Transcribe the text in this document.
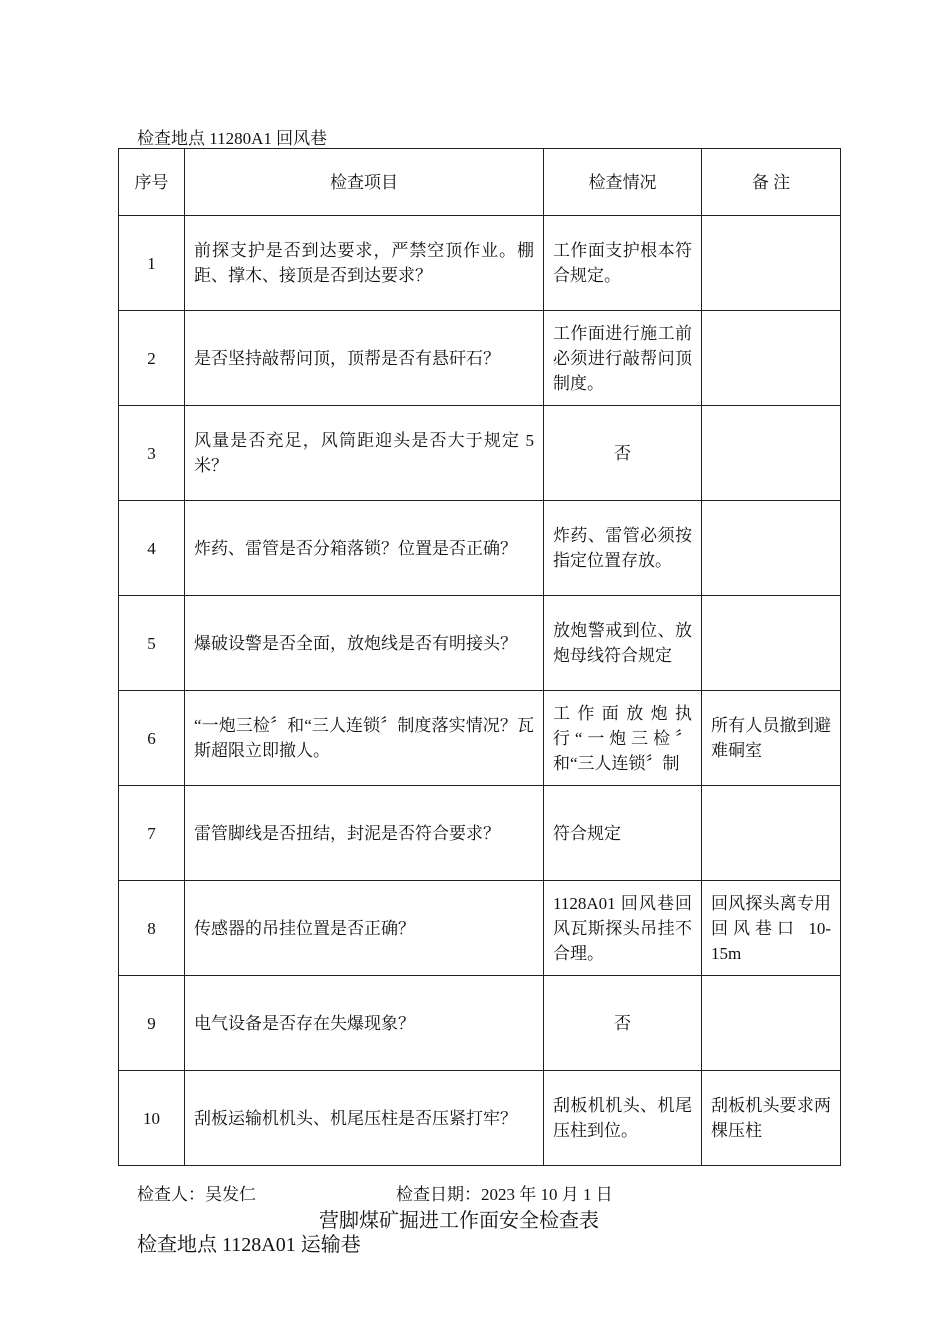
检查地点 11280A1 回风巷
序号	检查项目	检查情况	备 注
1	前探支护是否到达要求，严禁空顶作业。棚距、撑木、接顶是否到达要求？	工作面支护根本符合规定。	
2	是否坚持敲帮问顶，顶帮是否有悬矸石？	工作面进行施工前必须进行敲帮问顶制度。	
3	风量是否充足，风筒距迎头是否大于规定 5 米？	否	
4	炸药、雷管是否分箱落锁？位置是否正确？	炸药、雷管必须按指定位置存放。	
5	爆破设警是否全面，放炮线是否有明接头？	放炮警戒到位、放炮母线符合规定	
6	“一炮三检〞和“三人连锁〞制度落实情况？瓦斯超限立即撤人。	工作面放炮执行“一炮三检〞和“三人连锁〞制	所有人员撤到避难硐室
7	雷管脚线是否扭结，封泥是否符合要求？	符合规定	
8	传感器的吊挂位置是否正确？	1128A01 回风巷回风瓦斯探头吊挂不合理。	回风探头离专用回风巷口 10-15m
9	电气设备是否存在失爆现象？	否	
10	刮板运输机机头、机尾压柱是否压紧打牢？	刮板机机头、机尾压柱到位。	刮板机头要求两棵压柱
检查人：吴发仁	检查日期：2023 年 10 月 1 日
营脚煤矿掘进工作面安全检查表
检查地点 1128A01 运输巷
